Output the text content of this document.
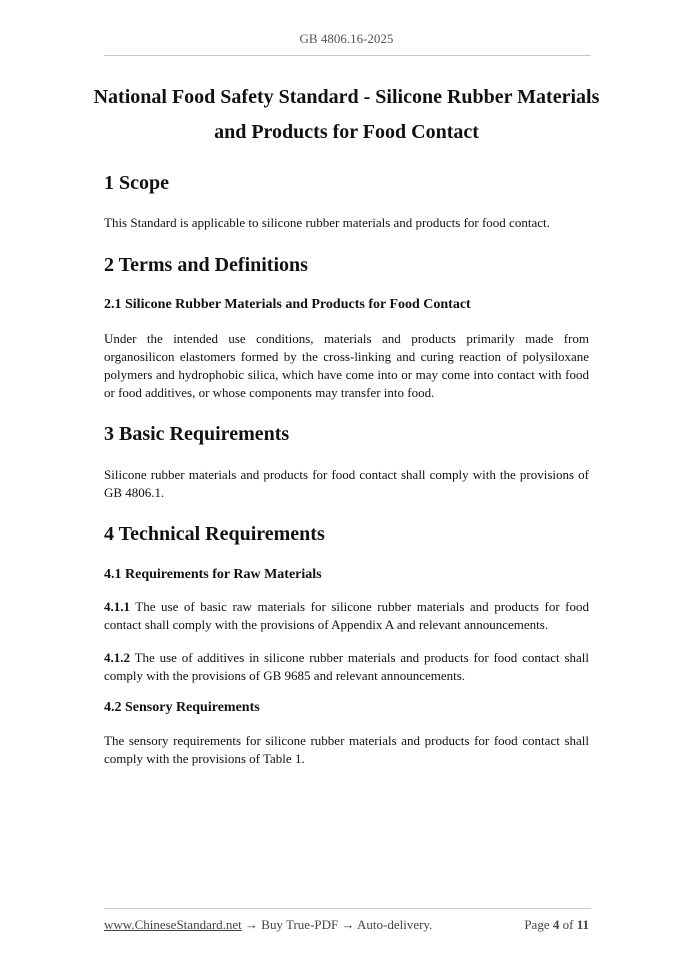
GB 4806.16-2025
National Food Safety Standard - Silicone Rubber Materials
and Products for Food Contact
1 Scope
This Standard is applicable to silicone rubber materials and products for food contact.
2 Terms and Definitions
2.1 Silicone Rubber Materials and Products for Food Contact
Under the intended use conditions, materials and products primarily made from organosilicon elastomers formed by the cross-linking and curing reaction of polysiloxane polymers and hydrophobic silica, which have come into or may come into contact with food or food additives, or whose components may transfer into food.
3 Basic Requirements
Silicone rubber materials and products for food contact shall comply with the provisions of GB 4806.1.
4 Technical Requirements
4.1 Requirements for Raw Materials
4.1.1 The use of basic raw materials for silicone rubber materials and products for food contact shall comply with the provisions of Appendix A and relevant announcements.
4.1.2 The use of additives in silicone rubber materials and products for food contact shall comply with the provisions of GB 9685 and relevant announcements.
4.2 Sensory Requirements
The sensory requirements for silicone rubber materials and products for food contact shall comply with the provisions of Table 1.
www.ChineseStandard.net → Buy True-PDF → Auto-delivery.	Page 4 of 11
